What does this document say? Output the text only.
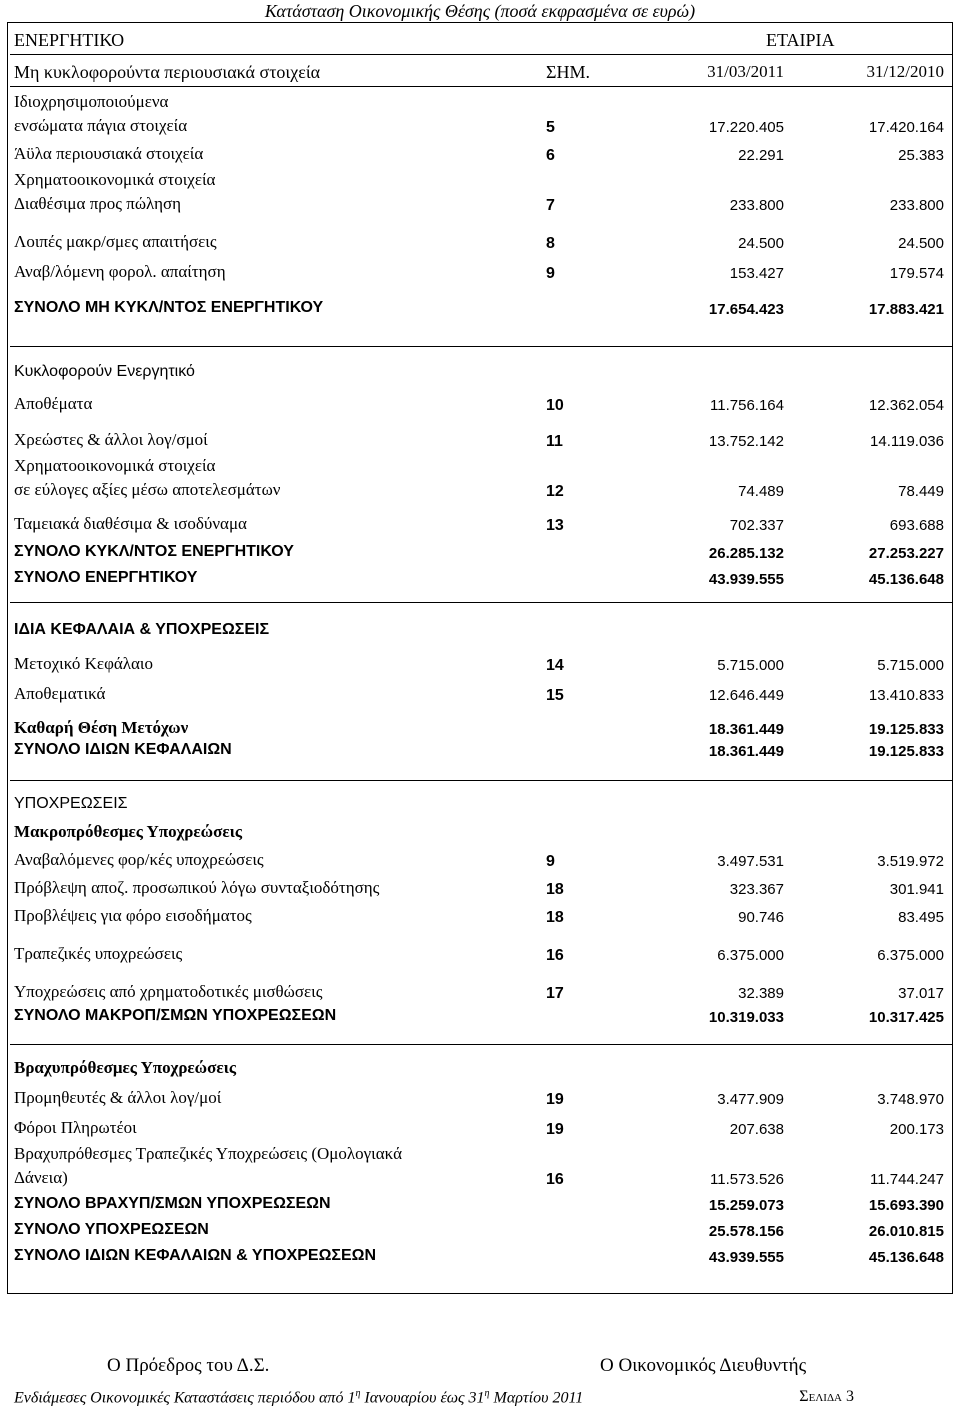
Κατάσταση Οικονομικής Θέσης (ποσά εκφρασμένα σε ευρώ)
ΕΝΕΡΓΗΤΙΚΟ	ΕΤΑΙΡΙΑ
Μη κυκλοφορούντα περιουσιακά στοιχεία	ΣΗΜ.	31/03/2011	31/12/2010
Ιδιοχρησιμοποιούμενα
ενσώματα πάγια στοιχεία	5	17.220.405	17.420.164
Άϋλα περιουσιακά στοιχεία	6	22.291	25.383
Χρηματοοικονομικά στοιχεία
Διαθέσιμα προς πώληση	7	233.800	233.800
Λοιπές μακρ/σμες απαιτήσεις	8	24.500	24.500
Αναβ/λόμενη φορολ. απαίτηση	9	153.427	179.574
ΣΥΝΟΛΟ ΜΗ ΚΥΚΛ/ΝΤΟΣ ΕΝΕΡΓΗΤΙΚΟΥ	17.654.423	17.883.421
Κυκλοφορούν Ενεργητικό
Αποθέματα	10	11.756.164	12.362.054
Χρεώστες & άλλοι λογ/σμοί	11	13.752.142	14.119.036
Χρηματοοικονομικά στοιχεία
σε εύλογες αξίες μέσω αποτελεσμάτων	12	74.489	78.449
Ταμειακά διαθέσιμα & ισοδύναμα	13	702.337	693.688
ΣΥΝΟΛΟ ΚΥΚΛ/ΝΤΟΣ ΕΝΕΡΓΗΤΙΚΟΥ	26.285.132	27.253.227
ΣΥΝΟΛΟ ΕΝΕΡΓΗΤΙΚΟΥ	43.939.555	45.136.648
ΙΔΙΑ ΚΕΦΑΛΑΙΑ & ΥΠΟΧΡΕΩΣΕΙΣ
Μετοχικό Κεφάλαιο	14	5.715.000	5.715.000
Αποθεματικά	15	12.646.449	13.410.833
Καθαρή Θέση Μετόχων	18.361.449	19.125.833
ΣΥΝΟΛΟ ΙΔΙΩΝ ΚΕΦΑΛΑΙΩΝ	18.361.449	19.125.833
ΥΠΟΧΡΕΩΣΕΙΣ
Μακροπρόθεσμες Υποχρεώσεις
Αναβαλόμενες φορ/κές υποχρεώσεις	9	3.497.531	3.519.972
Πρόβλεψη αποζ. προσωπικού λόγω συνταξιοδότησης	18	323.367	301.941
Προβλέψεις για φόρο εισοδήματος	18	90.746	83.495
Τραπεζικές υποχρεώσεις	16	6.375.000	6.375.000
Υποχρεώσεις από χρηματοδοτικές μισθώσεις	17	32.389	37.017
ΣΥΝΟΛΟ ΜΑΚΡΟΠ/ΣΜΩΝ ΥΠΟΧΡΕΩΣΕΩΝ	10.319.033	10.317.425
Βραχυπρόθεσμες Υποχρεώσεις
Προμηθευτές & άλλοι λογ/μοί	19	3.477.909	3.748.970
Φόροι Πληρωτέοι	19	207.638	200.173
Βραχυπρόθεσμες Τραπεζικές Υποχρεώσεις (Ομολογιακά
Δάνεια)	16	11.573.526	11.744.247
ΣΥΝΟΛΟ ΒΡΑΧΥΠ/ΣΜΩΝ ΥΠΟΧΡΕΩΣΕΩΝ	15.259.073	15.693.390
ΣΥΝΟΛΟ ΥΠΟΧΡΕΩΣΕΩΝ	25.578.156	26.010.815
ΣΥΝΟΛΟ ΙΔΙΩΝ ΚΕΦΑΛΑΙΩΝ & ΥΠΟΧΡΕΩΣΕΩΝ	43.939.555	45.136.648
Ο Πρόεδρος του Δ.Σ.	Ο Οικονομικός Διευθυντής
Ενδιάμεσες Οικονομικές Καταστάσεις περιόδου από $1^\eta$ Ιανουαρίου έως $31^\eta$ Μαρτίου 2011	Σελιδα 3
